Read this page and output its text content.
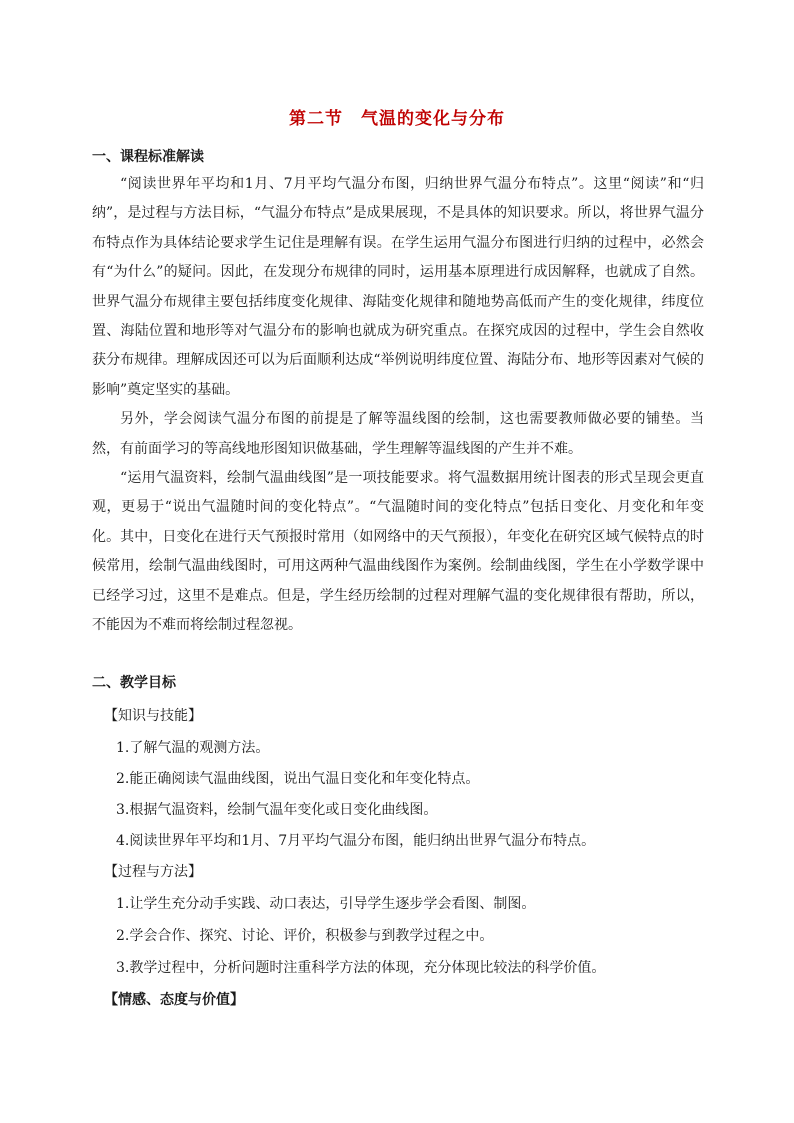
第二节 气温的变化与分布
一、课程标准解读

“阅读世界年平均和1月、7月平均气温分布图，归纳世界气温分布特点”。这里“阅读”和“归纳”，是过程与方法目标，“气温分布特点”是成果展现，不是具体的知识要求。所以，将世界气温分布特点作为具体结论要求学生记住是理解有误。在学生运用气温分布图进行归纳的过程中，必然会有“为什么”的疑问。因此，在发现分布规律的同时，运用基本原理进行成因解释，也就成了自然。世界气温分布规律主要包括纬度变化规律、海陆变化规律和随地势高低而产生的变化规律，纬度位置、海陆位置和地形等对气温分布的影响也就成为研究重点。在探究成因的过程中，学生会自然收获分布规律。理解成因还可以为后面顺利达成“举例说明纬度位置、海陆分布、地形等因素对气候的影响”奠定坚实的基础。

另外，学会阅读气温分布图的前提是了解等温线图的绘制，这也需要教师做必要的铺垫。当然，有前面学习的等高线地形图知识做基础，学生理解等温线图的产生并不难。

“运用气温资料，绘制气温曲线图”是一项技能要求。将气温数据用统计图表的形式呈现会更直观，更易于“说出气温随时间的变化特点”。“气温随时间的变化特点”包括日变化、月变化和年变化。其中，日变化在进行天气预报时常用（如网络中的天气预报），年变化在研究区域气候特点的时候常用，绘制气温曲线图时，可用这两种气温曲线图作为案例。绘制曲线图，学生在小学数学课中已经学习过，这里不是难点。但是，学生经历绘制的过程对理解气温的变化规律很有帮助，所以，不能因为不难而将绘制过程忽视。

二、教学目标
【知识与技能】
1.了解气温的观测方法。
2.能正确阅读气温曲线图，说出气温日变化和年变化特点。
3.根据气温资料，绘制气温年变化或日变化曲线图。
4.阅读世界年平均和1月、7月平均气温分布图，能归纳出世界气温分布特点。
【过程与方法】
1.让学生充分动手实践、动口表达，引导学生逐步学会看图、制图。
2.学会合作、探究、讨论、评价，积极参与到教学过程之中。
3.教学过程中，分析问题时注重科学方法的体现，充分体现比较法的科学价值。
【情感、态度与价值】
